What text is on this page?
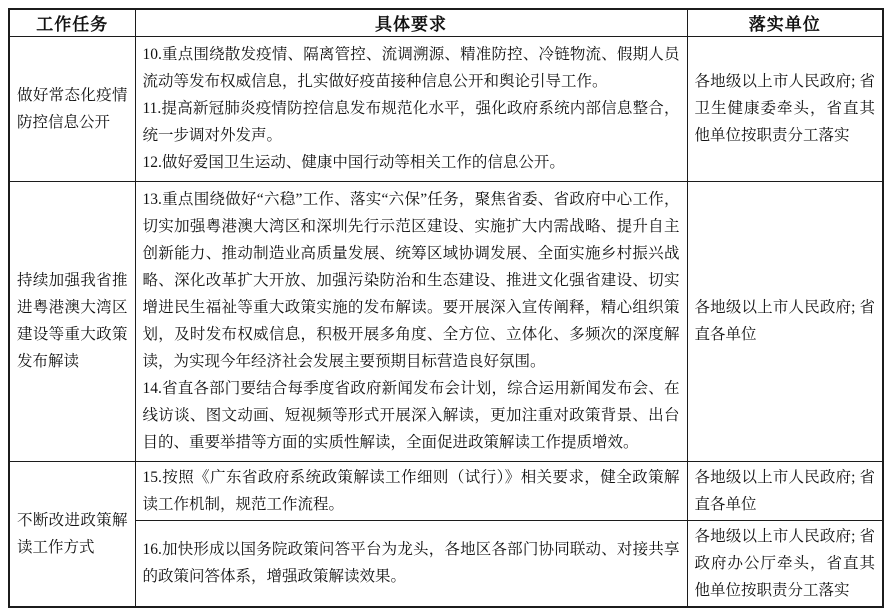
工作任务	具体要求	落实单位
做好常态化疫情防控信息公开	10.重点围绕散发疫情、隔离管控、流调溯源、精准防控、冷链物流、假期人员流动等发布权威信息，扎实做好疫苗接种信息公开和舆论引导工作。

11.提高新冠肺炎疫情防控信息发布规范化水平，强化政府系统内部信息整合，统一步调对外发声。

12.做好爱国卫生运动、健康中国行动等相关工作的信息公开。	各地级以上市人民政府; 省卫生健康委牵头，省直其他单位按职责分工落实
持续加强我省推进粤港澳大湾区建设等重大政策发布解读	13.重点围绕做好“六稳”工作、落实“六保”任务，聚焦省委、省政府中心工作，切实加强粤港澳大湾区和深圳先行示范区建设、实施扩大内需战略、提升自主创新能力、推动制造业高质量发展、统筹区域协调发展、全面实施乡村振兴战略、深化改革扩大开放、加强污染防治和生态建设、推进文化强省建设、切实增进民生福祉等重大政策实施的发布解读。要开展深入宣传阐释，精心组织策划，及时发布权威信息，积极开展多角度、全方位、立体化、多频次的深度解读，为实现今年经济社会发展主要预期目标营造良好氛围。

14.省直各部门要结合每季度省政府新闻发布会计划，综合运用新闻发布会、在线访谈、图文动画、短视频等形式开展深入解读，更加注重对政策背景、出台目的、重要举措等方面的实质性解读，全面促进政策解读工作提质增效。	各地级以上市人民政府; 省直各单位
不断改进政策解读工作方式	15.按照《广东省政府系统政策解读工作细则（试行）》相关要求，健全政策解读工作机制，规范工作流程。	各地级以上市人民政府; 省直各单位

	16.加快形成以国务院政策问答平台为龙头，各地区各部门协同联动、对接共享的政策问答体系，增强政策解读效果。	各地级以上市人民政府; 省政府办公厅牵头，省直其他单位按职责分工落实
